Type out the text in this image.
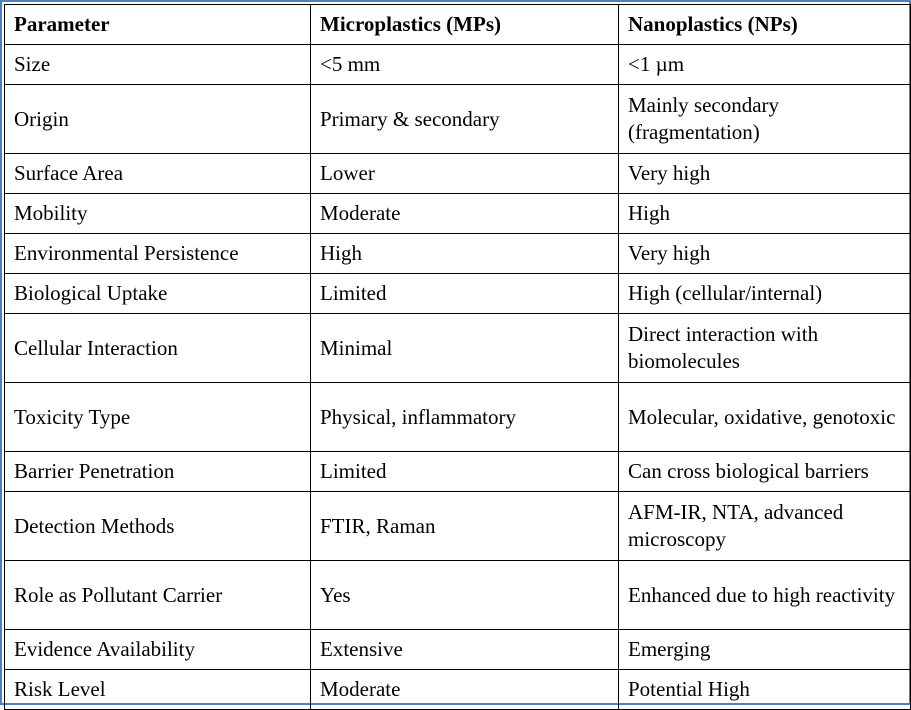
Parameter	Microplastics (MPs)	Nanoplastics (NPs)
Size	<5 mm	<1 µm
Origin	Primary & secondary	Mainly secondary (fragmentation)
Surface Area	Lower	Very high
Mobility	Moderate	High
Environmental Persistence	High	Very high
Biological Uptake	Limited	High (cellular/internal)
Cellular Interaction	Minimal	Direct interaction with biomolecules
Toxicity Type	Physical, inflammatory	Molecular, oxidative, genotoxic
Barrier Penetration	Limited	Can cross biological barriers
Detection Methods	FTIR, Raman	AFM-IR, NTA, advanced microscopy
Role as Pollutant Carrier	Yes	Enhanced due to high reactivity
Evidence Availability	Extensive	Emerging
Risk Level	Moderate	Potential High
